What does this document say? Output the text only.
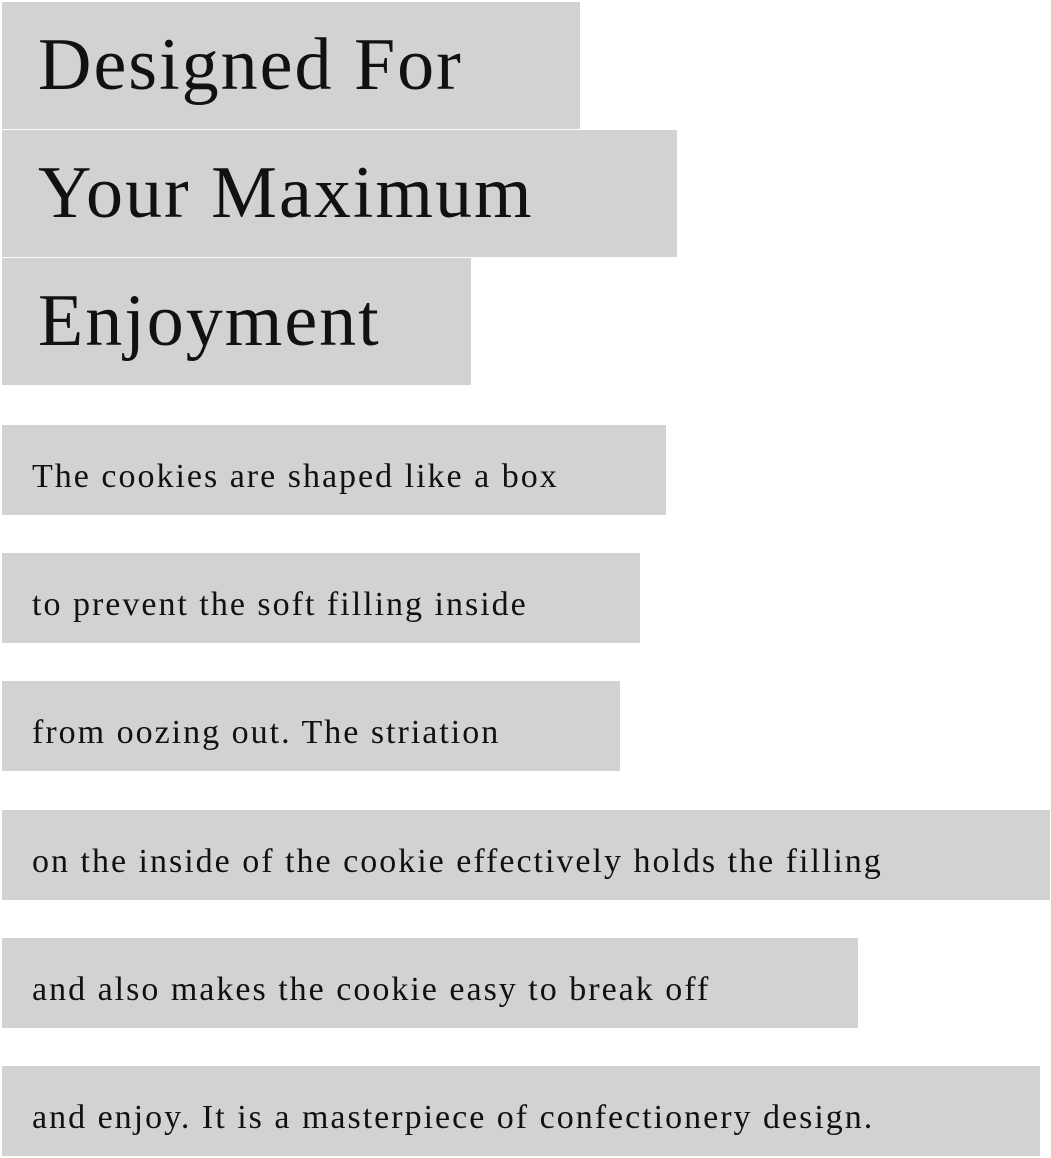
Designed For
Your Maximum
Enjoyment
The cookies are shaped like a box
to prevent the soft filling inside
from oozing out. The striation
on the inside of the cookie effectively holds the filling
and also makes the cookie easy to break off
and enjoy. It is a masterpiece of confectionery design.
